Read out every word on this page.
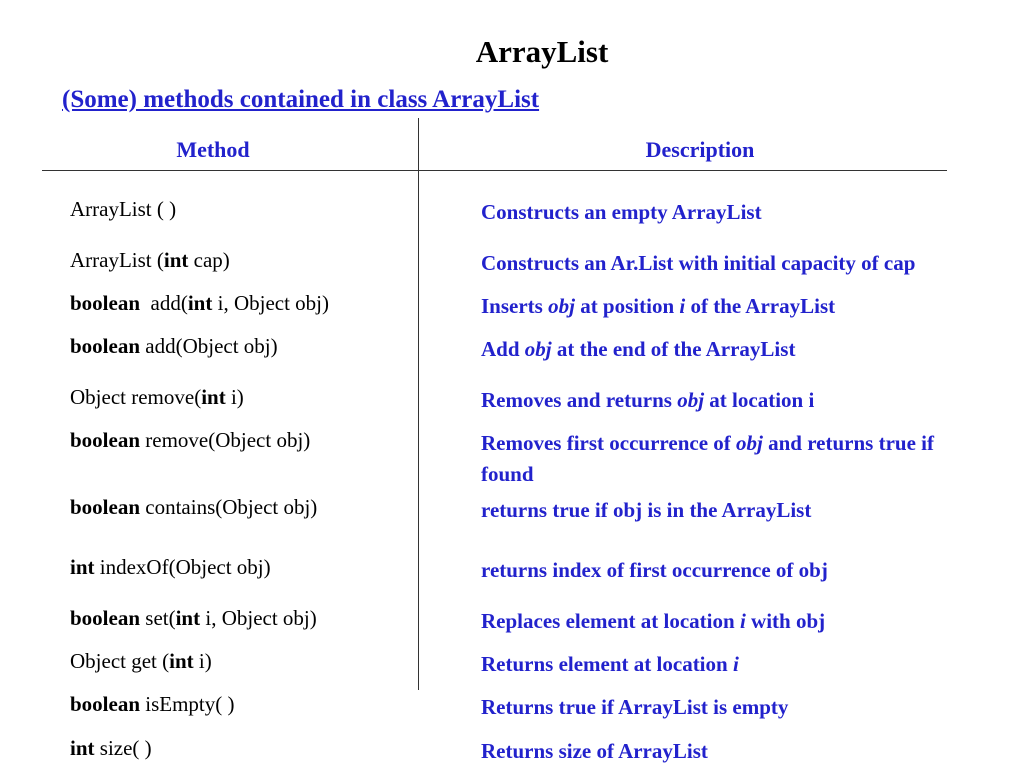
ArrayList
(Some) methods contained in class ArrayList
Method	Description
ArrayList ( )	Constructs an empty ArrayList
ArrayList (int cap)	Constructs an Ar.List with initial capacity of cap
boolean  add(int i, Object obj)	Inserts obj at position i of the ArrayList
boolean add(Object obj)	Add obj at the end of the ArrayList
Object remove(int i)	Removes and returns obj at location i
boolean remove(Object obj)	Removes first occurrence of obj and returns true if found
boolean contains(Object obj)	returns true if obj is in the ArrayList
int indexOf(Object obj)	returns index of first occurrence of obj
boolean set(int i, Object obj)	Replaces element at location i with obj
Object get (int i)	Returns element at location i
boolean isEmpty( )	Returns true if ArrayList is empty
int size( )	Returns size of ArrayList
